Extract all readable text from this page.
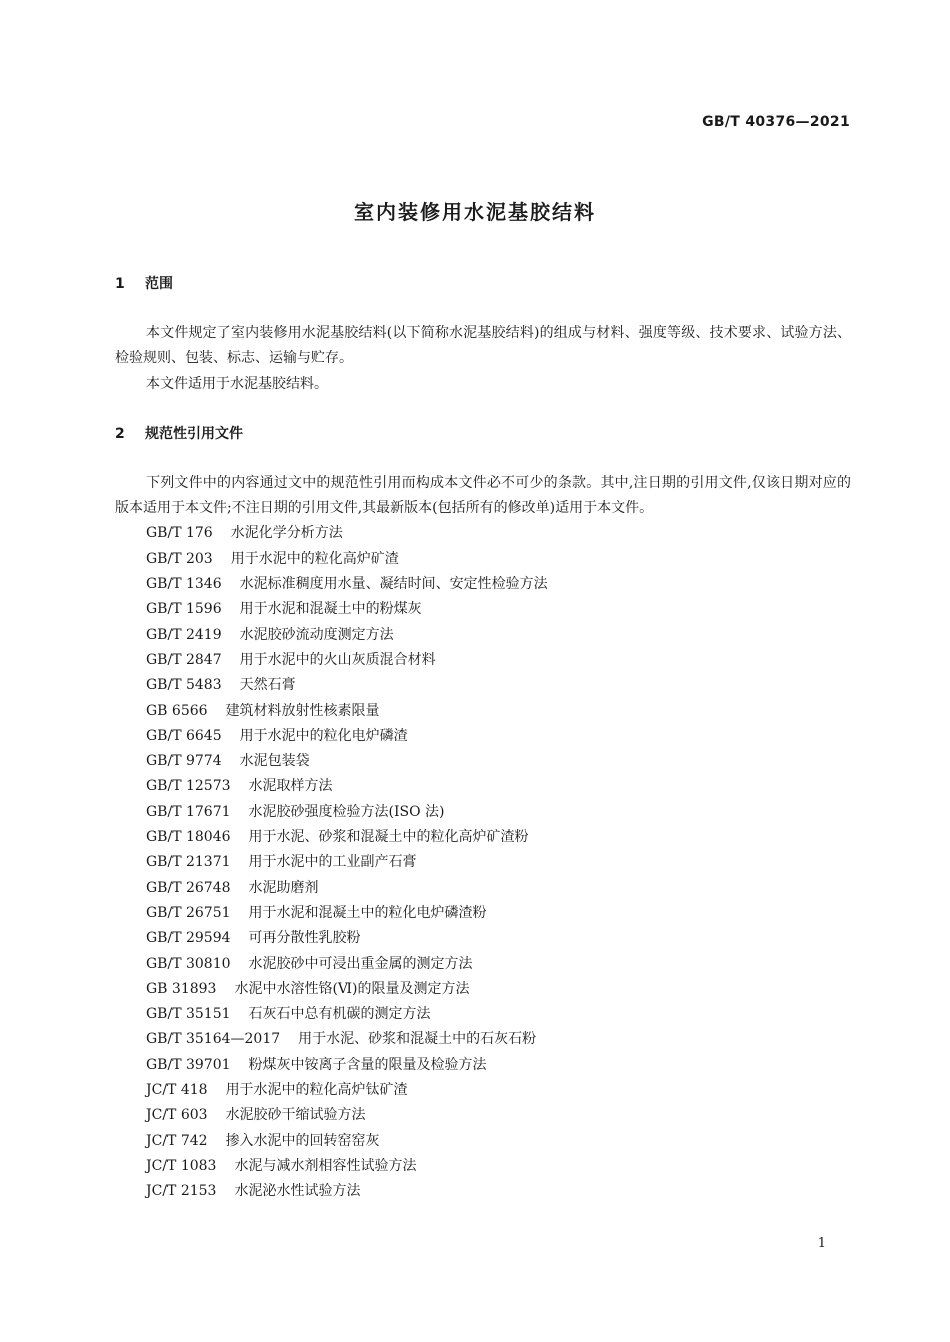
GB/T 40376—2021
室内装修用水泥基胶结料
1 范围

本文件规定了室内装修用水泥基胶结料(以下简称水泥基胶结料)的组成与材料、强度等级、技术要求、试验方法、检验规则、包装、标志、运输与贮存。

本文件适用于水泥基胶结料。

2 规范性引用文件

下列文件中的内容通过文中的规范性引用而构成本文件必不可少的条款。其中,注日期的引用文件,仅该日期对应的版本适用于本文件;不注日期的引用文件,其最新版本(包括所有的修改单)适用于本文件。

GB/T 176 水泥化学分析方法
GB/T 203 用于水泥中的粒化高炉矿渣
GB/T 1346 水泥标准稠度用水量、凝结时间、安定性检验方法
GB/T 1596 用于水泥和混凝土中的粉煤灰
GB/T 2419 水泥胶砂流动度测定方法
GB/T 2847 用于水泥中的火山灰质混合材料
GB/T 5483 天然石膏
GB 6566 建筑材料放射性核素限量
GB/T 6645 用于水泥中的粒化电炉磷渣
GB/T 9774 水泥包装袋
GB/T 12573 水泥取样方法
GB/T 17671 水泥胶砂强度检验方法(ISO 法)
GB/T 18046 用于水泥、砂浆和混凝土中的粒化高炉矿渣粉
GB/T 21371 用于水泥中的工业副产石膏
GB/T 26748 水泥助磨剂
GB/T 26751 用于水泥和混凝土中的粒化电炉磷渣粉
GB/T 29594 可再分散性乳胶粉
GB/T 30810 水泥胶砂中可浸出重金属的测定方法
GB 31893 水泥中水溶性铬(Ⅵ)的限量及测定方法
GB/T 35151 石灰石中总有机碳的测定方法
GB/T 35164—2017 用于水泥、砂浆和混凝土中的石灰石粉
GB/T 39701 粉煤灰中铵离子含量的限量及检验方法
JC/T 418 用于水泥中的粒化高炉钛矿渣
JC/T 603 水泥胶砂干缩试验方法
JC/T 742 掺入水泥中的回转窑窑灰
JC/T 1083 水泥与减水剂相容性试验方法
JC/T 2153 水泥泌水性试验方法
1
